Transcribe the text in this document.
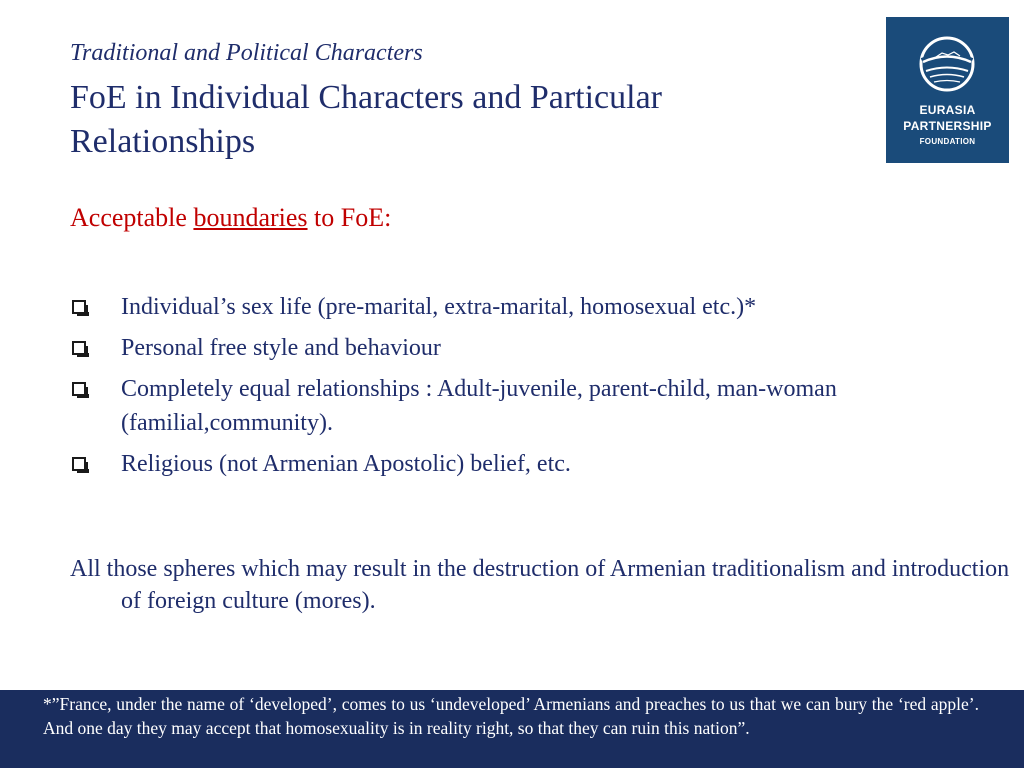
Traditional and Political Characters

FoE in Individual Characters and Particular Relationships
EURASIA
PARTNERSHIP
FOUNDATION

Acceptable boundaries to FoE:

Individual’s sex life (pre-marital, extra-marital, homosexual etc.)*
Personal free style and behaviour
Completely equal relationships : Adult-juvenile, parent-child, man-woman (familial,community).
Religious (not Armenian Apostolic) belief, etc.

All those spheres which may result in the destruction of Armenian traditionalism and introduction of foreign culture (mores).

*”France, under the name of ‘developed’, comes to us ‘undeveloped’ Armenians and preaches to us that we can bury the ‘red apple’. And one day they may accept that homosexuality is in reality right, so that they can ruin this nation”.
